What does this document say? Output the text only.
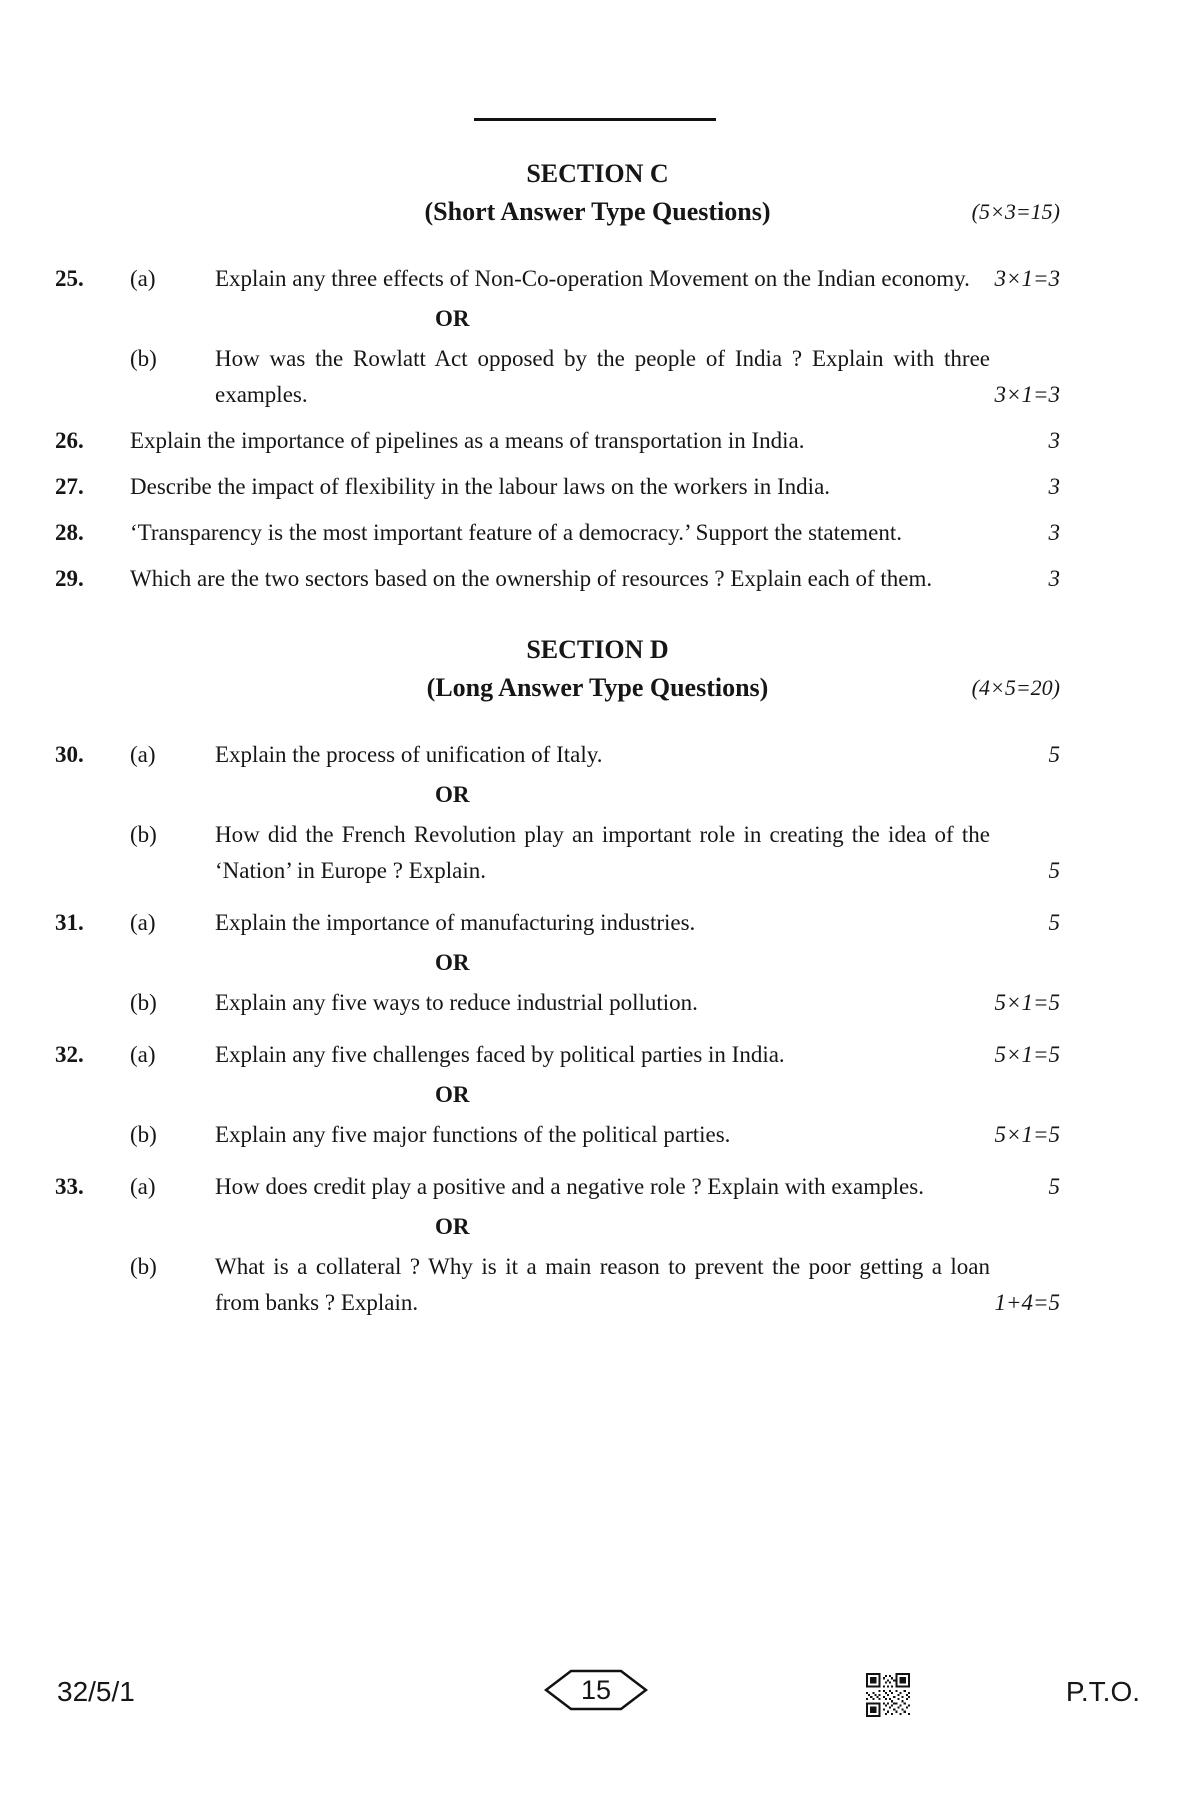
SECTION C
(Short Answer Type Questions)	(5×3=15)
25.	(a)	Explain any three effects of Non-Co-operation Movement on the Indian economy.	3×1=3
OR
(b)	How was the Rowlatt Act opposed by the people of India ? Explain with three examples.	3×1=3
26.	Explain the importance of pipelines as a means of transportation in India.	3
27.	Describe the impact of flexibility in the labour laws on the workers in India.	3
28.	‘Transparency is the most important feature of a democracy.’ Support the statement.	3
29.	Which are the two sectors based on the ownership of resources ? Explain each of them.	3
SECTION D
(Long Answer Type Questions)	(4×5=20)
30.	(a)	Explain the process of unification of Italy.	5
OR
(b)	How did the French Revolution play an important role in creating the idea of the ‘Nation’ in Europe ? Explain.	5
31.	(a)	Explain the importance of manufacturing industries.	5
OR
(b)	Explain any five ways to reduce industrial pollution.	5×1=5
32.	(a)	Explain any five challenges faced by political parties in India.	5×1=5
OR
(b)	Explain any five major functions of the political parties.	5×1=5
33.	(a)	How does credit play a positive and a negative role ? Explain with examples.	5
OR
(b)	What is a collateral ? Why is it a main reason to prevent the poor getting a loan from banks ? Explain.	1+4=5
32/5/1	15	P.T.O.
